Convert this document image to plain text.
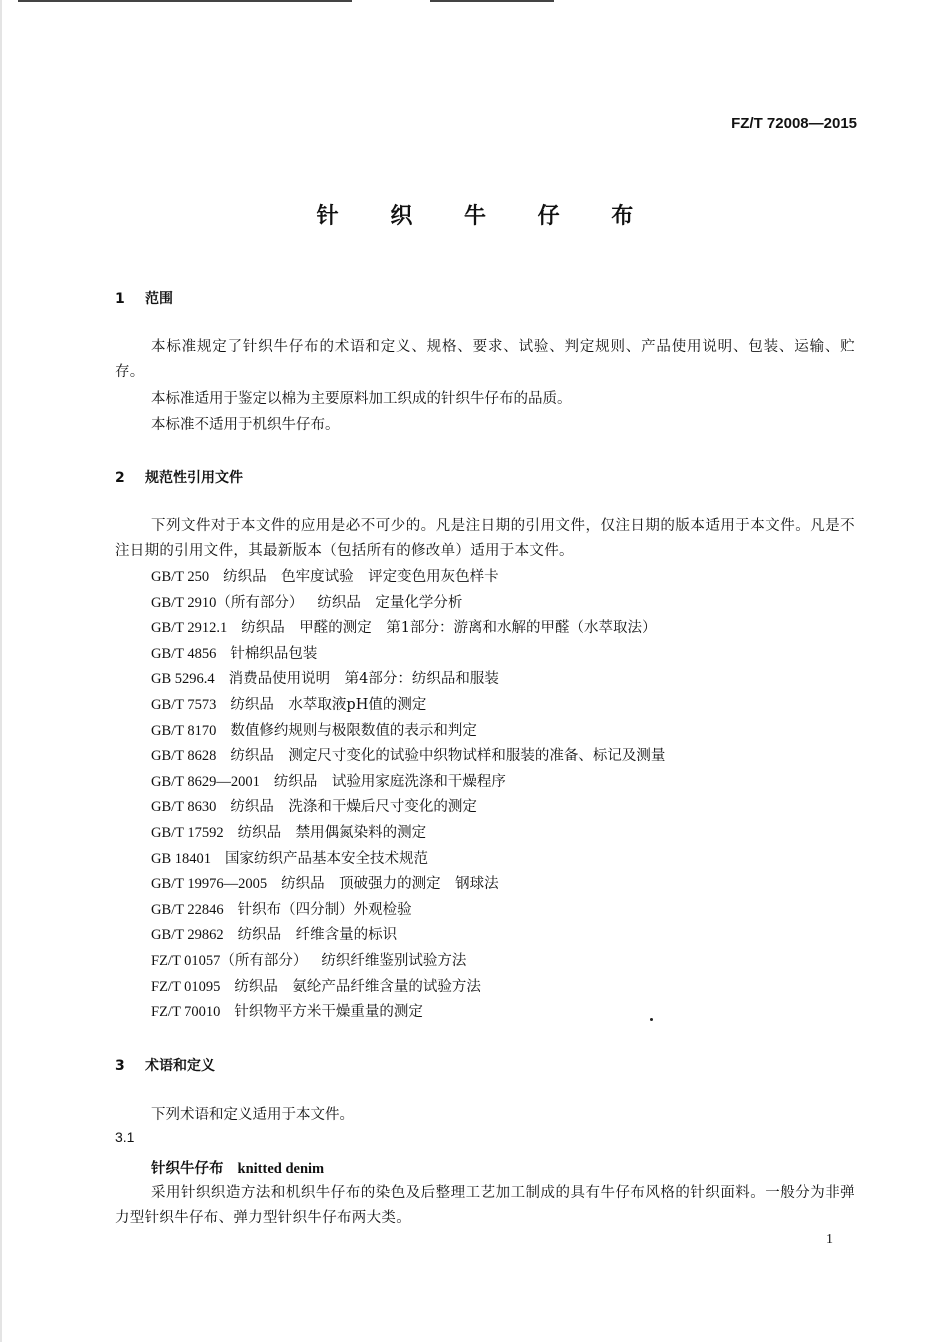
FZ/T 72008—2015
针 织 牛 仔 布
1 范围
本标准规定了针织牛仔布的术语和定义、规格、要求、试验、判定规则、产品使用说明、包装、运输、贮存。
本标准适用于鉴定以棉为主要原料加工织成的针织牛仔布的品质。
本标准不适用于机织牛仔布。
2 规范性引用文件
下列文件对于本文件的应用是必不可少的。凡是注日期的引用文件，仅注日期的版本适用于本文件。凡是不注日期的引用文件，其最新版本（包括所有的修改单）适用于本文件。
GB/T 250 纺织品　色牢度试验　评定变色用灰色样卡
GB/T 2910（所有部分） 纺织品　定量化学分析
GB/T 2912.1 纺织品　甲醛的测定　第1部分：游离和水解的甲醛（水萃取法）
GB/T 4856 针棉织品包装
GB 5296.4 消费品使用说明　第4部分：纺织品和服装
GB/T 7573 纺织品　水萃取液pH值的测定
GB/T 8170 数值修约规则与极限数值的表示和判定
GB/T 8628 纺织品　测定尺寸变化的试验中织物试样和服装的准备、标记及测量
GB/T 8629—2001 纺织品　试验用家庭洗涤和干燥程序
GB/T 8630 纺织品　洗涤和干燥后尺寸变化的测定
GB/T 17592 纺织品　禁用偶氮染料的测定
GB 18401 国家纺织产品基本安全技术规范
GB/T 19976—2005 纺织品　顶破强力的测定　钢球法
GB/T 22846 针织布（四分制）外观检验
GB/T 29862 纺织品　纤维含量的标识
FZ/T 01057（所有部分） 纺织纤维鉴别试验方法
FZ/T 01095 纺织品　氨纶产品纤维含量的试验方法
FZ/T 70010 针织物平方米干燥重量的测定
3 术语和定义
下列术语和定义适用于本文件。
3.1
针织牛仔布 knitted denim
采用针织织造方法和机织牛仔布的染色及后整理工艺加工制成的具有牛仔布风格的针织面料。一般分为非弹力型针织牛仔布、弹力型针织牛仔布两大类。
1
